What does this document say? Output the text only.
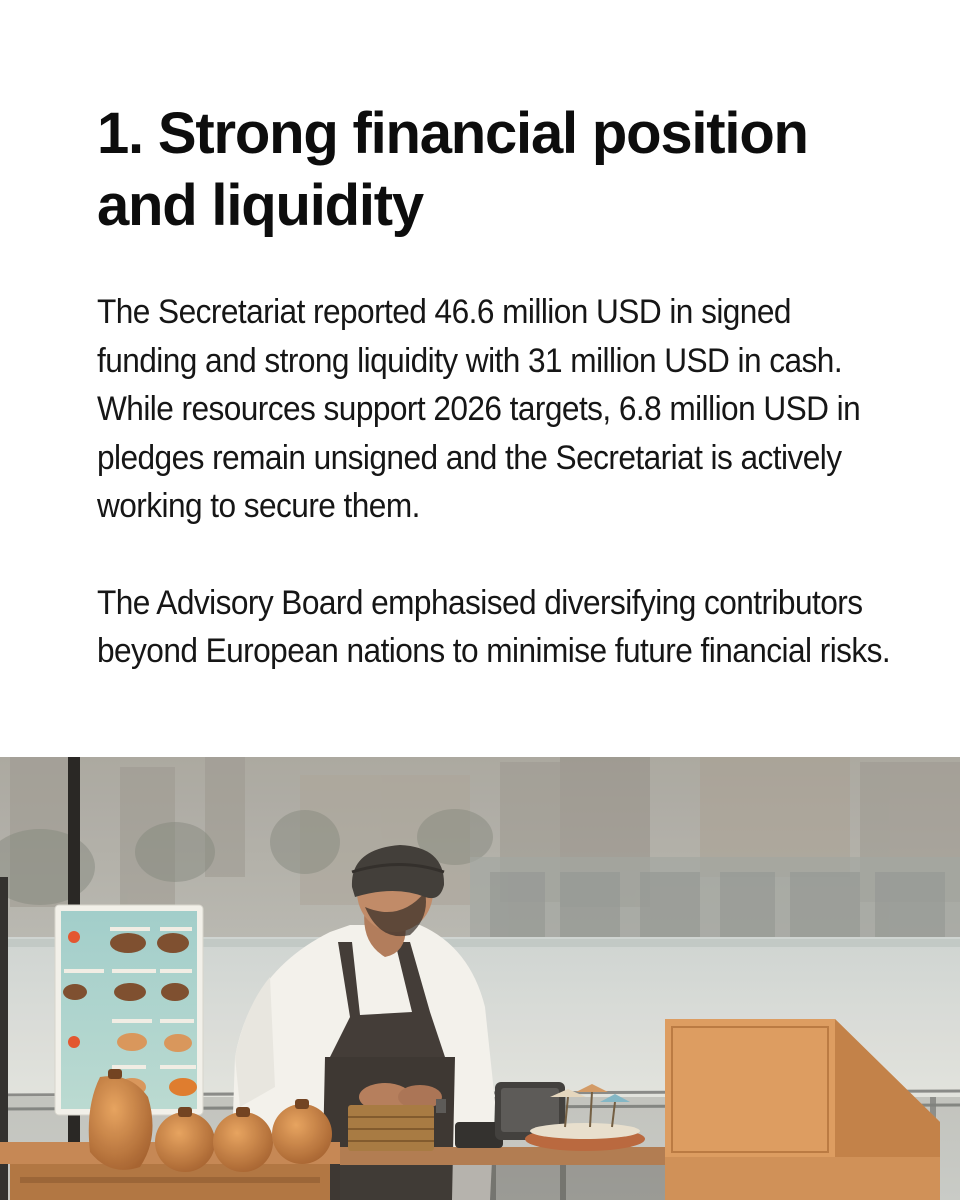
1. Strong financial position and liquidity

The Secretariat reported 46.6 million USD in signed funding and strong liquidity with 31 million USD in cash. While resources support 2026 targets, 6.8 million USD in pledges remain unsigned and the Secretariat is actively working to secure them.

The Advisory Board emphasised diversifying contributors beyond European nations to minimise future financial risks.
